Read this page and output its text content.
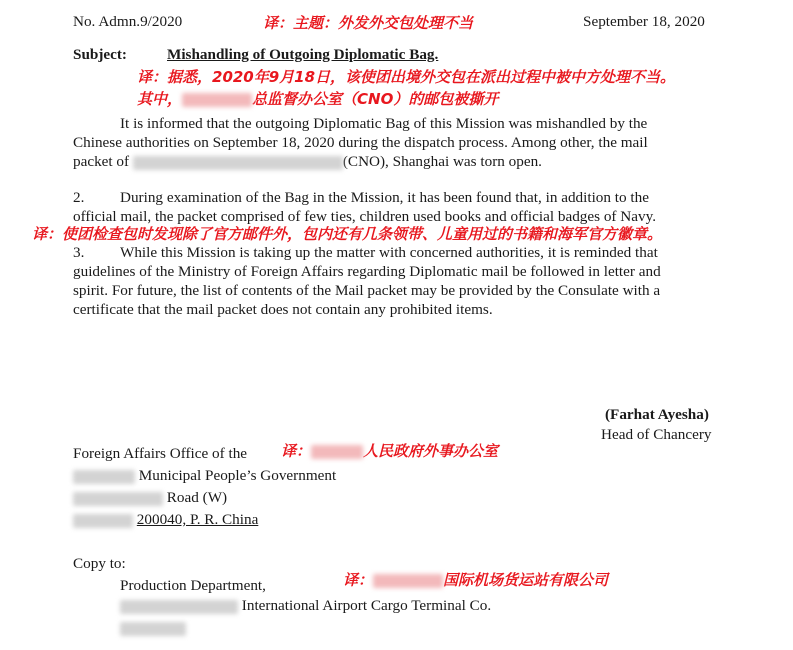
No. Admn.9/2020	译：主题：外发外交包处理不当	September 18, 2020
Subject:	Mishandling of Outgoing Diplomatic Bag.
译：据悉，2020年9月18日，该使团出境外交包在派出过程中被中方处理不当。
其中，	总监督办公室（CNO）的邮包被撕开
It is informed that the outgoing Diplomatic Bag of this Mission was mishandled by the
Chinese authorities on September 18, 2020 during the dispatch process. Among other, the mail
packet of	(CNO), Shanghai was torn open.
2. During examination of the Bag in the Mission, it has been found that, in addition to the
official mail, the packet comprised of few ties, children used books and official badges of Navy.
译：使团检查包时发现除了官方邮件外，包内还有几条领带、儿童用过的书籍和海军官方徽章。
3. While this Mission is taking up the matter with concerned authorities, it is reminded that
guidelines of the Ministry of Foreign Affairs regarding Diplomatic mail be followed in letter and
spirit. For future, the list of contents of the Mail packet may be provided by the Consulate with a
certificate that the mail packet does not contain any prohibited items.
(Farhat Ayesha)
Head of Chancery
Foreign Affairs Office of the 译：	人民政府外事办公室
Municipal People’s Government
Road (W)
200040, P. R. China
Copy to:
Production Department,	译：	国际机场货运站有限公司
International Airport Cargo Terminal Co.
